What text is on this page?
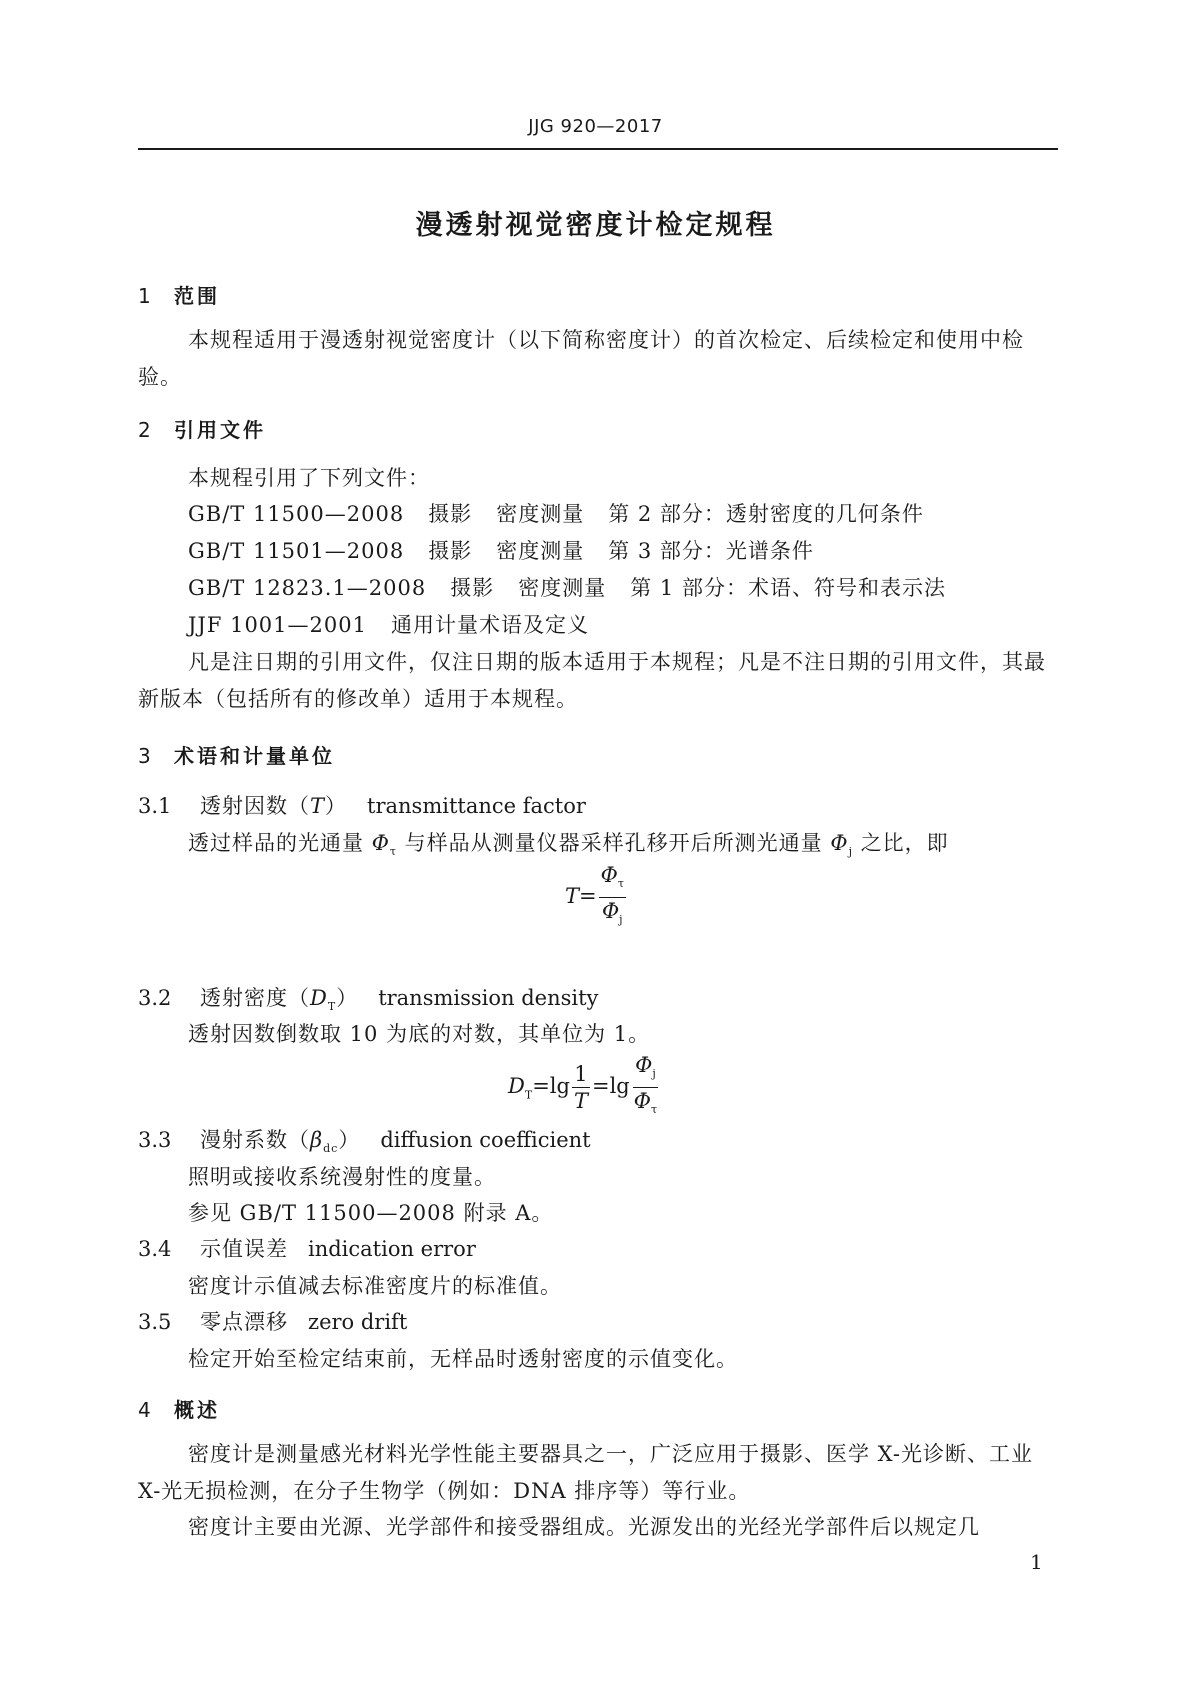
JJG 920—2017
漫透射视觉密度计检定规程
1 范围
本规程适用于漫透射视觉密度计（以下简称密度计）的首次检定、后续检定和使用中检验。
2 引用文件
本规程引用了下列文件：
GB/T 11500—2008 摄影 密度测量 第 2 部分：透射密度的几何条件
GB/T 11501—2008 摄影 密度测量 第 3 部分：光谱条件
GB/T 12823.1—2008 摄影 密度测量 第 1 部分：术语、符号和表示法
JJF 1001—2001 通用计量术语及定义
凡是注日期的引用文件，仅注日期的版本适用于本规程；凡是不注日期的引用文件，其最新版本（包括所有的修改单）适用于本规程。
3 术语和计量单位
3.1 透射因数（T） transmittance factor
透过样品的光通量 $\Phi_\tau$ 与样品从测量仪器采样孔移开后所测光通量 $\Phi_j$ 之比，即
$T= \frac{\Phi_\tau}{\Phi_j}$
3.2 透射密度$(D_T)$ transmission density
透射因数倒数取 10 为底的对数，其单位为 1。
$D_T=\lg \frac{1}{T} =\lg \frac{\Phi_j}{\Phi_\tau}$
3.3 漫射系数$(\beta_{dc})$ diffusion coefficient
照明或接收系统漫射性的度量。
参见 GB/T 11500—2008 附录 A。
3.4 示值误差 indication error
密度计示值减去标准密度片的标准值。
3.5 零点漂移 zero drift
检定开始至检定结束前，无样品时透射密度的示值变化。
4 概述
密度计是测量感光材料光学性能主要器具之一，广泛应用于摄影、医学 X-光诊断、工业 X-光无损检测，在分子生物学（例如：DNA 排序等）等行业。
密度计主要由光源、光学部件和接受器组成。光源发出的光经光学部件后以规定几
1
